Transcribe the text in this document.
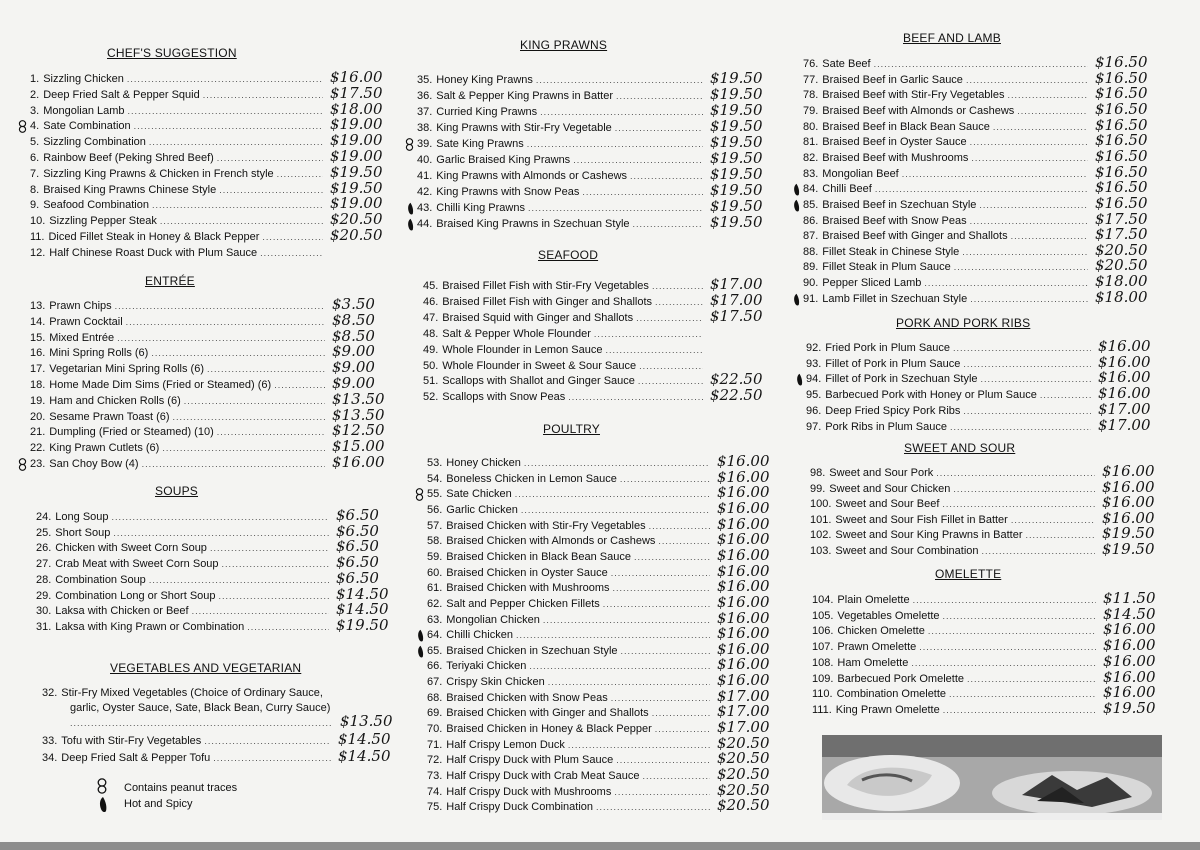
CHEF'S SUGGESTION
1. Sizzling Chicken .....	$16.00
2. Deep Fried Salt & Pepper Squid .....	$17.50
3. Mongolian Lamb .....	$18.00
4. Sate Combination .....	$19.00
5. Sizzling Combination .....	$19.00
6. Rainbow Beef (Peking Shred Beef) .....	$19.00
7. Sizzling King Prawns & Chicken in French style .....	$19.50
8. Braised King Prawns Chinese Style .....	$19.50
9. Seafood Combination .....	$19.00
10. Sizzling Pepper Steak .....	$20.50
11. Diced Fillet Steak in Honey & Black Pepper .....	$20.50
12. Half Chinese Roast Duck with Plum Sauce
.....
ENTRÉE
13. Prawn Chips .....	$3.50
14. Prawn Cocktail .....	$8.50
15. Mixed Entrée .....	$8.50
16. Mini Spring Rolls (6) .....	$9.00
17. Vegetarian Mini Spring Rolls (6) .....	$9.00
18. Home Made Dim Sims (Fried or Steamed) (6) .....	$9.00
19. Ham and Chicken Rolls (6) .....	$13.50
20. Sesame Prawn Toast (6) .....	$13.50
21. Dumpling (Fried or Steamed) (10) .....	$12.50
22. King Prawn Cutlets (6) .....	$15.00
23. San Choy Bow (4) .....	$16.00
SOUPS
24. Long Soup .....	$6.50
25. Short Soup .....	$6.50
26. Chicken with Sweet Corn Soup .....	$6.50
27. Crab Meat with Sweet Corn Soup .....	$6.50
28. Combination Soup .....	$6.50
29. Combination Long or Short Soup .....	$14.50
30. Laksa with Chicken or Beef .....	$14.50
31. Laksa with King Prawn or Combination .....	$19.50
VEGETABLES AND VEGETARIAN
32. Stir-Fry Mixed Vegetables (Choice of Ordinary Sauce,
garlic, Oyster Sauce, Sate, Black Bean, Curry Sauce)
.....
$13.50
33. Tofu with Stir-Fry Vegetables .....	$14.50
34. Deep Fried Salt & Pepper Tofu .....	$14.50
Contains peanut traces
Hot and Spicy
KING PRAWNS
35. Honey King Prawns .....	$19.50
36. Salt & Pepper King Prawns in Batter .....	$19.50
37. Curried King Prawns .....	$19.50
38. King Prawns with Stir-Fry Vegetable .....	$19.50
39. Sate King Prawns .....	$19.50
40. Garlic Braised King Prawns .....	$19.50
41. King Prawns with Almonds or Cashews .....	$19.50
42. King Prawns with Snow Peas .....	$19.50
43. Chilli King Prawns .....	$19.50
44. Braised King Prawns in Szechuan Style .....	$19.50
SEAFOOD
45. Braised Fillet Fish with Stir-Fry Vegetables .....	$17.00
46. Braised Fillet Fish with Ginger and Shallots .....	$17.00
47. Braised Squid with Ginger and Shallots .....	$17.50
48. Salt & Pepper Whole Flounder
.....
49. Whole Flounder in Lemon Sauce
.....
50. Whole Flounder in Sweet & Sour Sauce
.....
51. Scallops with Shallot and Ginger Sauce .....	$22.50
52. Scallops with Snow Peas .....	$22.50
POULTRY
53. Honey Chicken .....	$16.00
54. Boneless Chicken in Lemon Sauce .....	$16.00
55. Sate Chicken .....	$16.00
56. Garlic Chicken .....	$16.00
57. Braised Chicken with Stir-Fry Vegetables .....	$16.00
58. Braised Chicken with Almonds or Cashews .....	$16.00
59. Braised Chicken in Black Bean Sauce .....	$16.00
60. Braised Chicken in Oyster Sauce .....	$16.00
61. Braised Chicken with Mushrooms .....	$16.00
62. Salt and Pepper Chicken Fillets .....	$16.00
63. Mongolian Chicken .....	$16.00
64. Chilli Chicken .....	$16.00
65. Braised Chicken in Szechuan Style .....	$16.00
66. Teriyaki Chicken .....	$16.00
67. Crispy Skin Chicken .....	$16.00
68. Braised Chicken with Snow Peas .....	$17.00
69. Braised Chicken with Ginger and Shallots .....	$17.00
70. Braised Chicken in Honey & Black Pepper .....	$17.00
71. Half Crispy Lemon Duck .....	$20.50
72. Half Crispy Duck with Plum Sauce .....	$20.50
73. Half Crispy Duck with Crab Meat Sauce .....	$20.50
74. Half Crispy Duck with Mushrooms .....	$20.50
75. Half Crispy Duck Combination .....	$20.50
BEEF AND LAMB
76. Sate Beef .....	$16.50
77. Braised Beef in Garlic Sauce .....	$16.50
78. Braised Beef with Stir-Fry Vegetables .....	$16.50
79. Braised Beef with Almonds or Cashews .....	$16.50
80. Braised Beef in Black Bean Sauce .....	$16.50
81. Braised Beef in Oyster Sauce .....	$16.50
82. Braised Beef with Mushrooms .....	$16.50
83. Mongolian Beef .....	$16.50
84. Chilli Beef .....	$16.50
85. Braised Beef in Szechuan Style .....	$16.50
86. Braised Beef with Snow Peas .....	$17.50
87. Braised Beef with Ginger and Shallots .....	$17.50
88. Fillet Steak in Chinese Style .....	$20.50
89. Fillet Steak in Plum Sauce .....	$20.50
90. Pepper Sliced Lamb .....	$18.00
91. Lamb Fillet in Szechuan Style .....	$18.00
PORK AND PORK RIBS
92. Fried Pork in Plum Sauce .....	$16.00
93. Fillet of Pork in Plum Sauce .....	$16.00
94. Fillet of Pork in Szechuan Style .....	$16.00
95. Barbecued Pork with Honey or Plum Sauce .....	$16.00
96. Deep Fried Spicy Pork Ribs .....	$17.00
97. Pork Ribs in Plum Sauce .....	$17.00
SWEET AND SOUR
98. Sweet and Sour Pork .....	$16.00
99. Sweet and Sour Chicken .....	$16.00
100. Sweet and Sour Beef .....	$16.00
101. Sweet and Sour Fish Fillet in Batter .....	$16.00
102. Sweet and Sour King Prawns in Batter .....	$19.50
103. Sweet and Sour Combination .....	$19.50
OMELETTE
104. Plain Omelette .....	$11.50
105. Vegetables Omelette .....	$14.50
106. Chicken Omelette .....	$16.00
107. Prawn Omelette .....	$16.00
108. Ham Omelette .....	$16.00
109. Barbecued Pork Omelette .....	$16.00
110. Combination Omelette .....	$16.00
111. King Prawn Omelette .....	$19.50
